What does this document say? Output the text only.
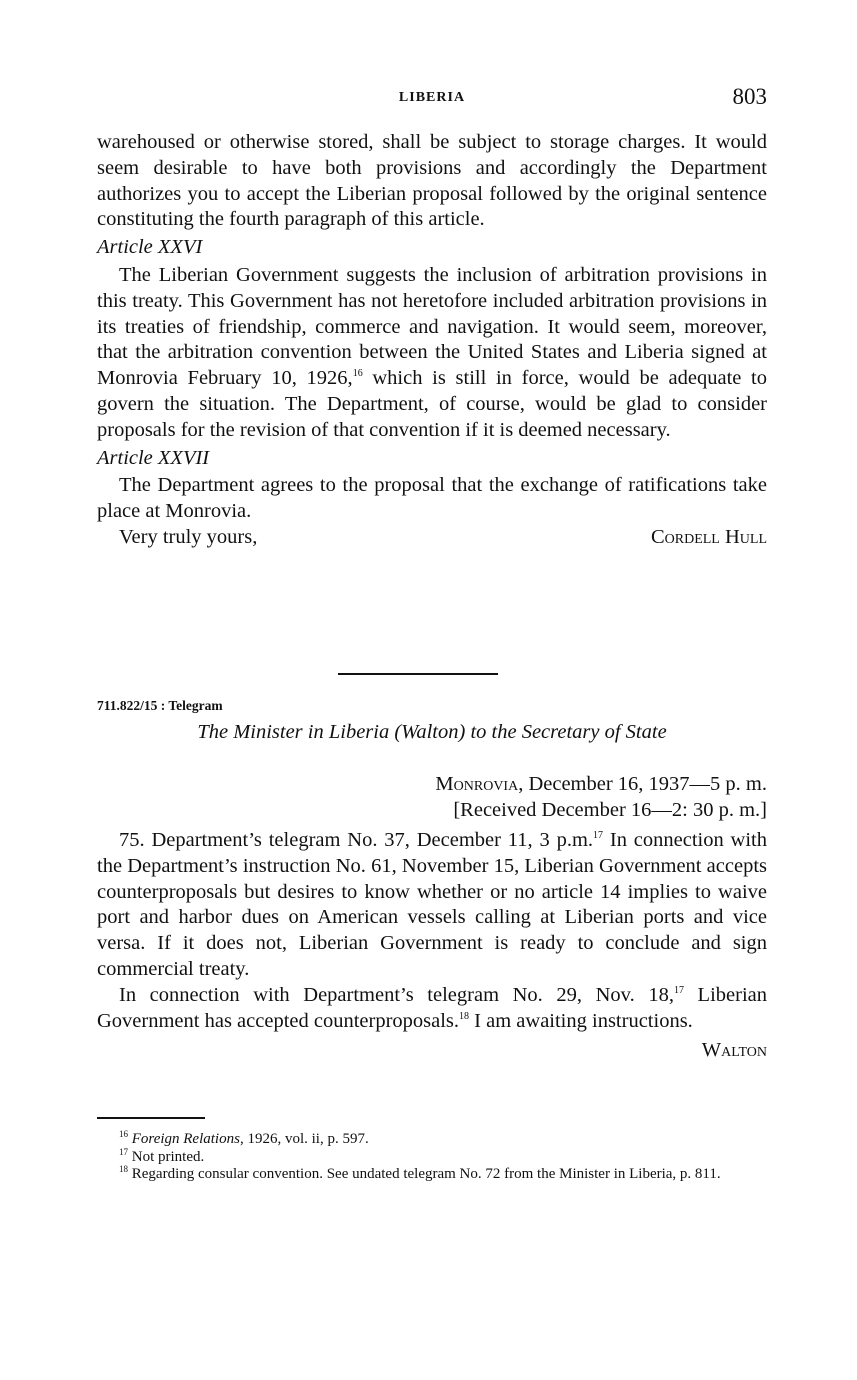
LIBERIA	803

warehoused or otherwise stored, shall be subject to storage charges. It would seem desirable to have both provisions and accordingly the Department authorizes you to accept the Liberian proposal followed by the original sentence constituting the fourth paragraph of this article.

Article XXVI

The Liberian Government suggests the inclusion of arbitration provisions in this treaty. This Government has not heretofore included arbitration provisions in its treaties of friendship, commerce and navigation. It would seem, moreover, that the arbitration convention between the United States and Liberia signed at Monrovia February 10, 1926,16 which is still in force, would be adequate to govern the situation. The Department, of course, would be glad to consider proposals for the revision of that convention if it is deemed necessary.

Article XXVII

The Department agrees to the proposal that the exchange of ratifications take place at Monrovia.

Very truly yours,	Cordell Hull
711.822/15 : Telegram
The Minister in Liberia (Walton) to the Secretary of State
Monrovia, December 16, 1937—5 p. m.
[Received December 16—2: 30 p. m.]

75. Department’s telegram No. 37, December 11, 3 p.m.$^{17}$ In connection with the Department’s instruction No. 61, November 15, Liberian Government accepts counterproposals but desires to know whether or no article 14 implies to waive port and harbor dues on American vessels calling at Liberian ports and vice versa. If it does not, Liberian Government is ready to conclude and sign commercial treaty.

In connection with Department’s telegram No. 29, Nov. 18,17 Liberian Government has accepted counterproposals.$^{18}$ I am awaiting instructions.

Walton

$^{16}$ Foreign Relations, 1926, vol. ii, p. 597.

$^{17}$ Not printed.

$^{18}$ Regarding consular convention. See undated telegram No. 72 from the Minister in Liberia, p. 811.
